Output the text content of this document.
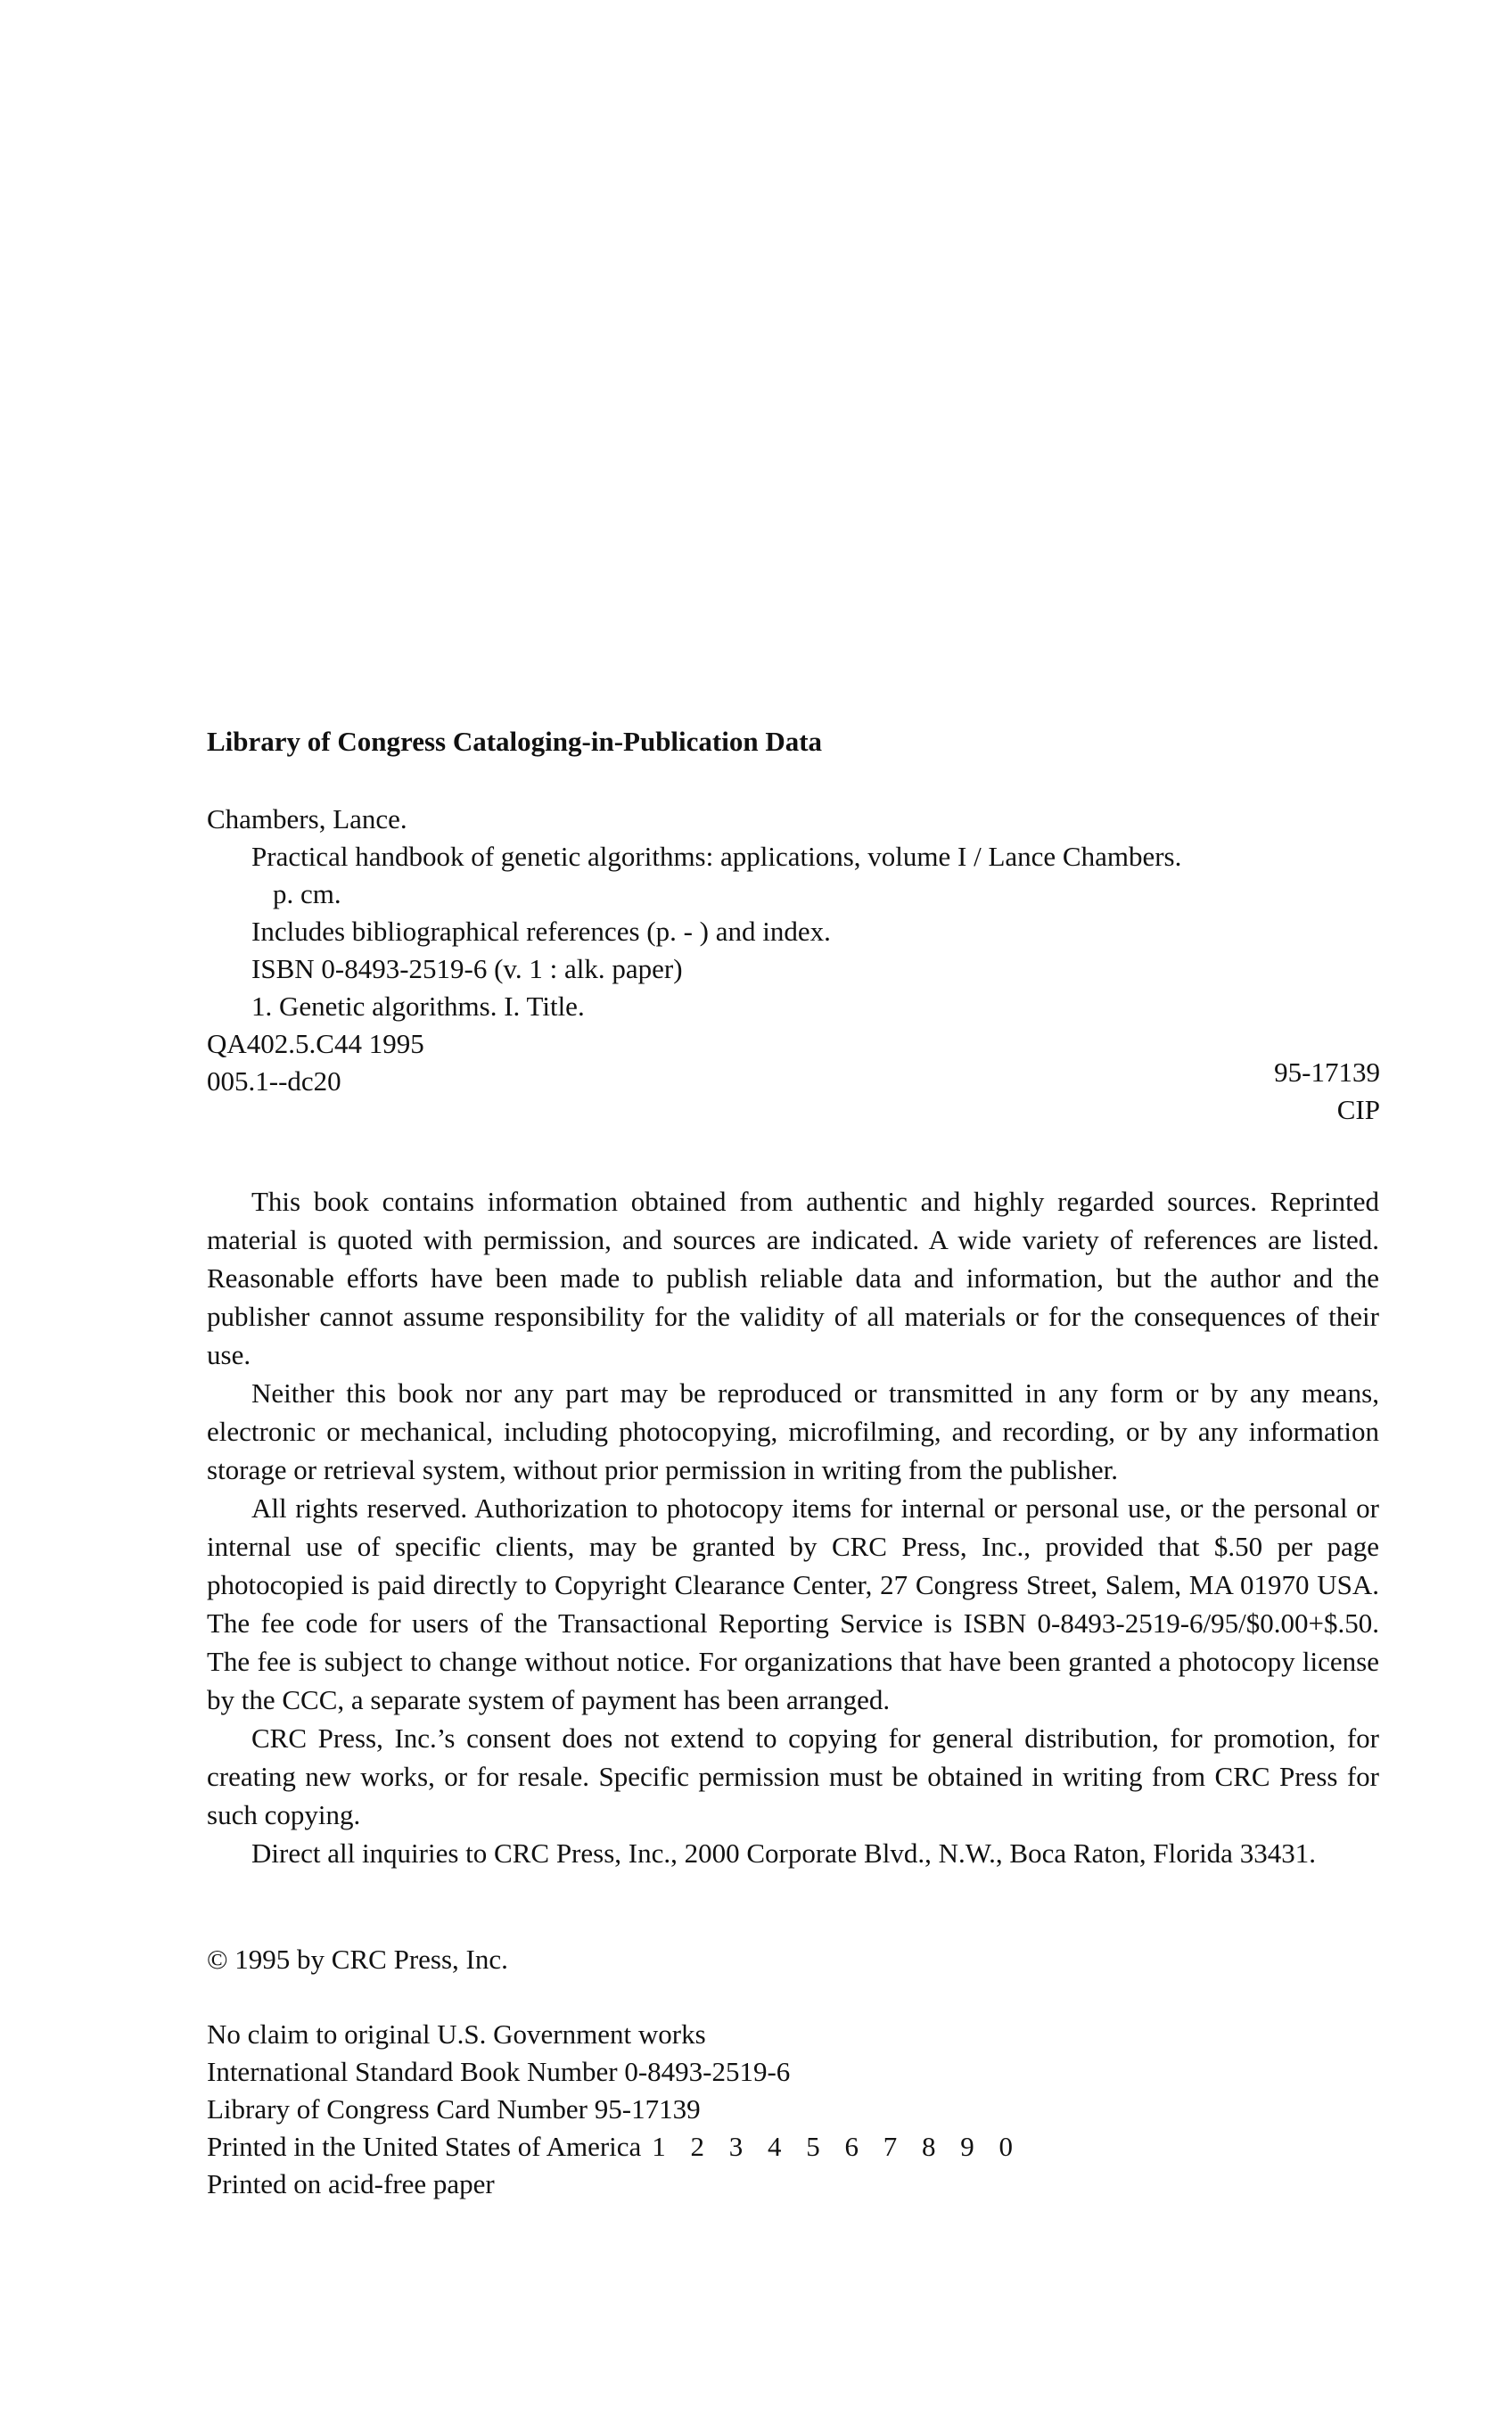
Library of Congress Cataloging-in-Publication Data
Chambers, Lance.
Practical handbook of genetic algorithms: applications, volume I / Lance Chambers.
p. cm.
Includes bibliographical references (p. - ) and index.
ISBN 0-8493-2519-6 (v. 1 : alk. paper)
1. Genetic algorithms. I. Title.
QA402.5.C44 1995
005.1--dc20	95-17139
CIP

This book contains information obtained from authentic and highly regarded sources. Reprinted material is quoted with permission, and sources are indicated. A wide variety of references are listed. Reasonable efforts have been made to publish reliable data and information, but the author and the publisher cannot assume responsibility for the validity of all materials or for the consequences of their use.

Neither this book nor any part may be reproduced or transmitted in any form or by any means, electronic or mechanical, including photocopying, microfilming, and recording, or by any information storage or retrieval system, without prior permission in writing from the publisher.

All rights reserved. Authorization to photocopy items for internal or personal use, or the personal or internal use of specific clients, may be granted by CRC Press, Inc., provided that $.50 per page photocopied is paid directly to Copyright Clearance Center, 27 Congress Street, Salem, MA 01970 USA. The fee code for users of the Transactional Reporting Service is ISBN 0-8493-2519-6/95/$0.00+$.50. The fee is subject to change without notice. For organizations that have been granted a photocopy license by the CCC, a separate system of payment has been arranged.

CRC Press, Inc.’s consent does not extend to copying for general distribution, for promotion, for creating new works, or for resale. Specific permission must be obtained in writing from CRC Press for such copying.

Direct all inquiries to CRC Press, Inc., 2000 Corporate Blvd., N.W., Boca Raton, Florida 33431.

© 1995 by CRC Press, Inc.
No claim to original U.S. Government works
International Standard Book Number 0-8493-2519-6
Library of Congress Card Number 95-17139
Printed in the United States of America 1 2 3 4 5 6 7 8 9 0
Printed on acid-free paper
